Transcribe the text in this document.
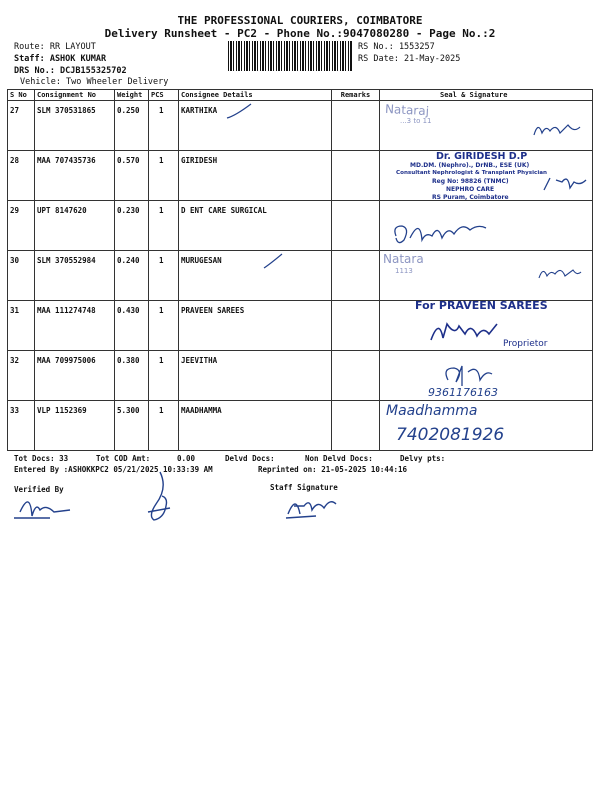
THE PROFESSIONAL COURIERS, COIMBATORE
Delivery Runsheet - PC2 - Phone No.:9047080280 - Page No.:2
Route: RR LAYOUT
Staff: ASHOK KUMAR
DRS No.: DCJB155325702
Vehicle: Two Wheeler Delivery
RS No.: 1553257
RS Date: 21-May-2025
S No	Consignment No	Weight	PCS	Consignee Details	Remarks	Seal & Signature
27	SLM 370531865	0.250	1	KARTHIKA		
28	MAA 707435736	0.570	1	GIRIDESH		
29	UPT 8147620	0.230	1	D ENT CARE SURGICAL		
30	SLM 370552984	0.240	1	MURUGESAN		
31	MAA 111274748	0.430	1	PRAVEEN SAREES		
32	MAA 709975006	0.380	1	JEEVITHA		
33	VLP 1152369	5.300	1	MAADHAMMA		
Nataraj
...3 to 11
Dr. GIRIDESH D.P
MD.DM. (Nephro)., DrNB., ESE (UK)
Consultant Nephrologist & Transplant Physician
Reg No: 98826 (TNMC)
NEPHRO CARE
RS Puram, Coimbatore
Natara
1113
For PRAVEEN SAREES
Proprietor
9361176163
Maadhamma
7402081926
Tot Docs: 33	Tot COD Amt:	0.00	Delvd Docs:	Non Delvd Docs:	Delvy pts:
Entered By :ASHOKKPC2 05/21/2025 10:33:39 AM	Reprinted on: 21-05-2025 10:44:16
Verified By	Staff Signature
